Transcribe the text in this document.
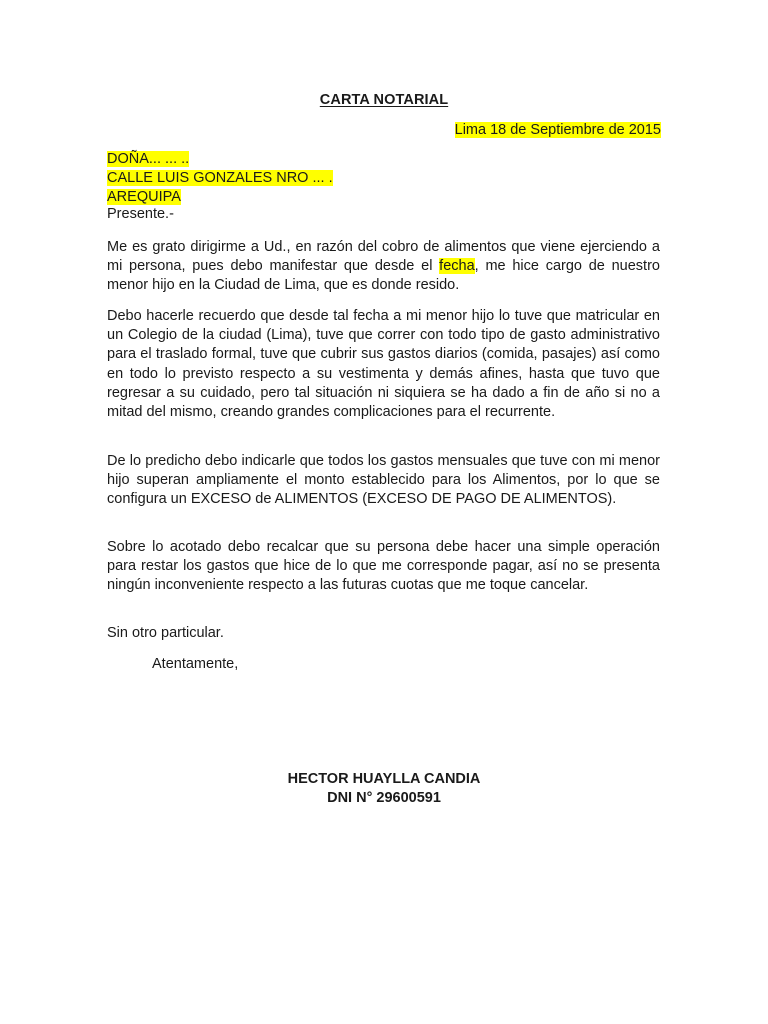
CARTA NOTARIAL
Lima 18 de Septiembre de 2015
DOÑA... ... ..
CALLE LUIS GONZALES NRO ... .
AREQUIPA
Presente.-

Me es grato dirigirme a Ud., en razón del cobro de alimentos que viene ejerciendo a mi persona, pues debo manifestar que desde el fecha, me hice cargo de nuestro menor hijo en la Ciudad de Lima, que es donde resido.

Debo hacerle recuerdo que desde tal fecha a mi menor hijo lo tuve que matricular en un Colegio de la ciudad (Lima), tuve que correr con todo tipo de gasto administrativo para el traslado formal, tuve que cubrir sus gastos diarios (comida, pasajes) así como en todo lo previsto respecto a su vestimenta y demás afines, hasta que tuvo que regresar a su cuidado, pero tal situación ni siquiera se ha dado a fin de año si no a mitad del mismo, creando grandes complicaciones para el recurrente.

De lo predicho debo indicarle que todos los gastos mensuales que tuve con mi menor hijo superan ampliamente el monto establecido para los Alimentos, por lo que se configura un EXCESO de ALIMENTOS (EXCESO DE PAGO DE ALIMENTOS).

Sobre lo acotado debo recalcar que su persona debe hacer una simple operación para restar los gastos que hice de lo que me corresponde pagar, así no se presenta ningún inconveniente respecto a las futuras cuotas que me toque cancelar.

Sin otro particular.

Atentamente,
HECTOR HUAYLLA CANDIA
DNI N° 29600591
